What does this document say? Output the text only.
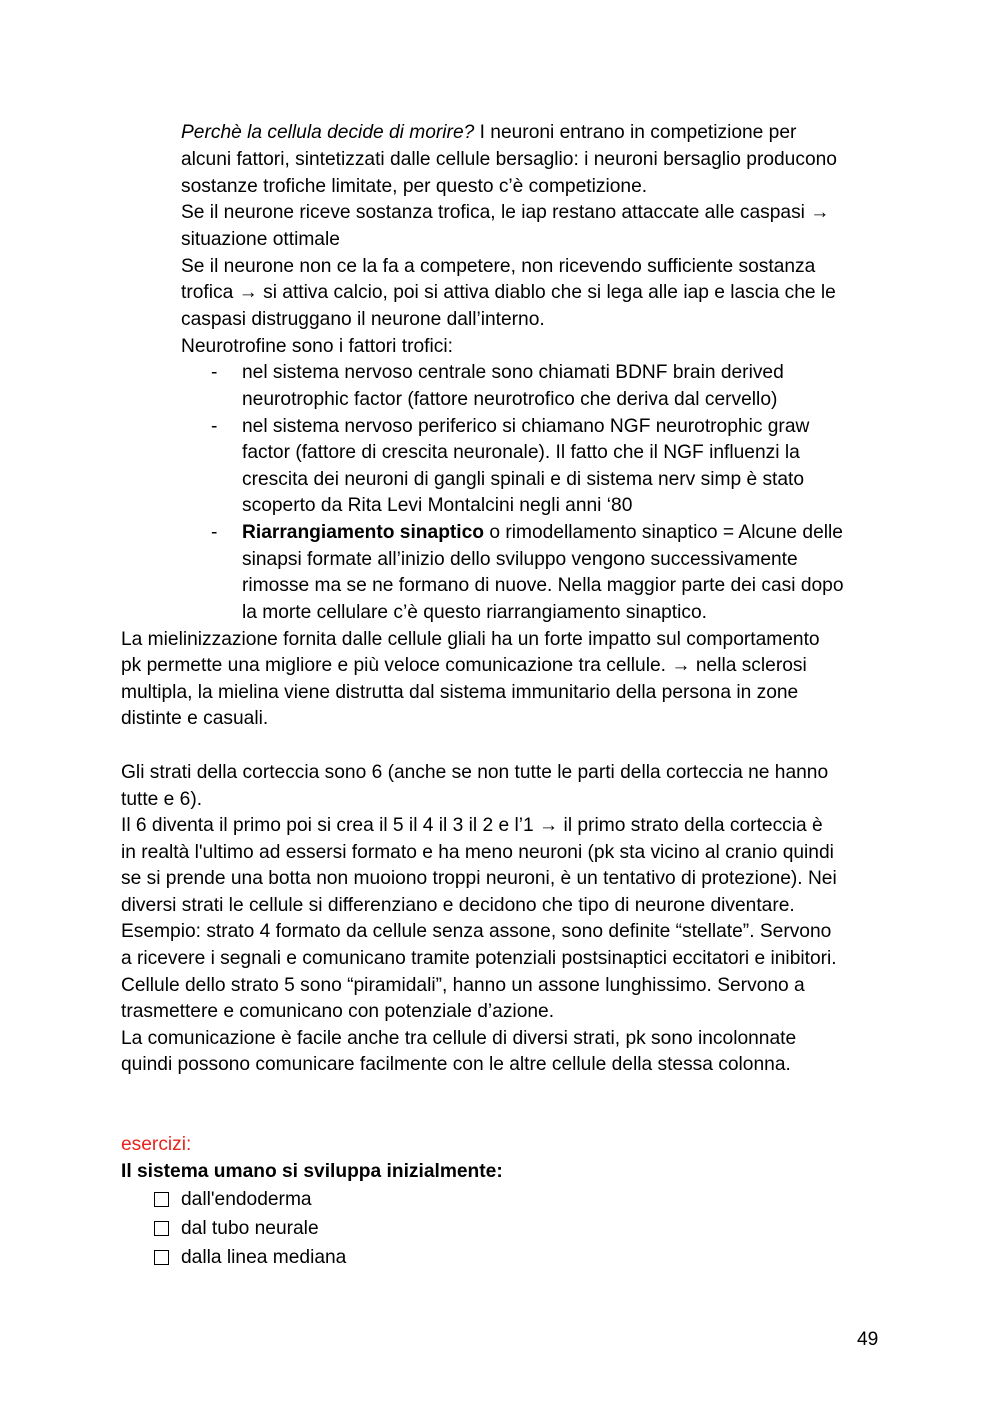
Perchè la cellula decide di morire? I neuroni entrano in competizione per
alcuni fattori, sintetizzati dalle cellule bersaglio: i neuroni bersaglio producono
sostanze trofiche limitate, per questo c’è competizione.
Se il neurone riceve sostanza trofica, le iap restano attaccate alle caspasi →
situazione ottimale
Se il neurone non ce la fa a competere, non ricevendo sufficiente sostanza
trofica → si attiva calcio, poi si attiva diablo che si lega alle iap e lascia che le
caspasi distruggano il neurone dall’interno.
Neurotrofine sono i fattori trofici:
- nel sistema nervoso centrale sono chiamati BDNF brain derived
neurotrophic factor (fattore neurotrofico che deriva dal cervello)
- nel sistema nervoso periferico si chiamano NGF neurotrophic graw
factor (fattore di crescita neuronale). Il fatto che il NGF influenzi la
crescita dei neuroni di gangli spinali e di sistema nerv simp è stato
scoperto da Rita Levi Montalcini negli anni ‘80
- Riarrangiamento sinaptico o rimodellamento sinaptico = Alcune delle
sinapsi formate all’inizio dello sviluppo vengono successivamente
rimosse ma se ne formano di nuove. Nella maggior parte dei casi dopo
la morte cellulare c’è questo riarrangiamento sinaptico.
La mielinizzazione fornita dalle cellule gliali ha un forte impatto sul comportamento
pk permette una migliore e più veloce comunicazione tra cellule. → nella sclerosi
multipla, la mielina viene distrutta dal sistema immunitario della persona in zone
distinte e casuali.
Gli strati della corteccia sono 6 (anche se non tutte le parti della corteccia ne hanno
tutte e 6).
Il 6 diventa il primo poi si crea il 5 il 4 il 3 il 2 e l’1 → il primo strato della corteccia è
in realtà l'ultimo ad essersi formato e ha meno neuroni (pk sta vicino al cranio quindi
se si prende una botta non muoiono troppi neuroni, è un tentativo di protezione). Nei
diversi strati le cellule si differenziano e decidono che tipo di neurone diventare.
Esempio: strato 4 formato da cellule senza assone, sono definite “stellate”. Servono
a ricevere i segnali e comunicano tramite potenziali postsinaptici eccitatori e inibitori.
Cellule dello strato 5 sono “piramidali”, hanno un assone lunghissimo. Servono a
trasmettere e comunicano con potenziale d’azione.
La comunicazione è facile anche tra cellule di diversi strati, pk sono incolonnate
quindi possono comunicare facilmente con le altre cellule della stessa colonna.
esercizi:
Il sistema umano si sviluppa inizialmente:
dall'endoderma
dal tubo neurale
dalla linea mediana
49
